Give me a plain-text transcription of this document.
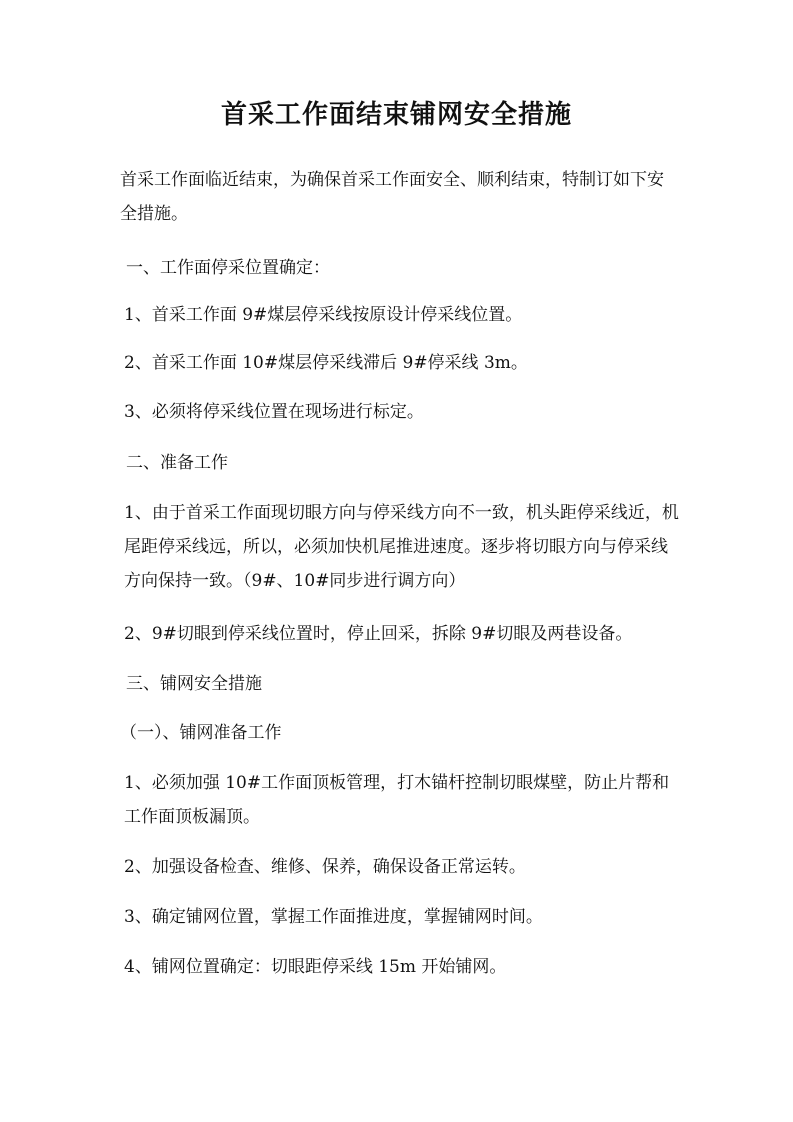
首采工作面结束铺网安全措施

首采工作面临近结束，为确保首采工作面安全、顺利结束，特制订如下安全措施。

一、工作面停采位置确定：

1、首采工作面 9#煤层停采线按原设计停采线位置。

2、首采工作面 10#煤层停采线滞后 9#停采线 3m。

3、必须将停采线位置在现场进行标定。

二、准备工作

1、由于首采工作面现切眼方向与停采线方向不一致，机头距停采线近，机尾距停采线远，所以，必须加快机尾推进速度。逐步将切眼方向与停采线方向保持一致。（9#、10#同步进行调方向）

2、9#切眼到停采线位置时，停止回采，拆除 9#切眼及两巷设备。

三、铺网安全措施

（一）、铺网准备工作

1、必须加强 10#工作面顶板管理，打木锚杆控制切眼煤壁，防止片帮和工作面顶板漏顶。

2、加强设备检查、维修、保养，确保设备正常运转。

3、确定铺网位置，掌握工作面推进度，掌握铺网时间。

4、铺网位置确定：切眼距停采线 15m 开始铺网。
